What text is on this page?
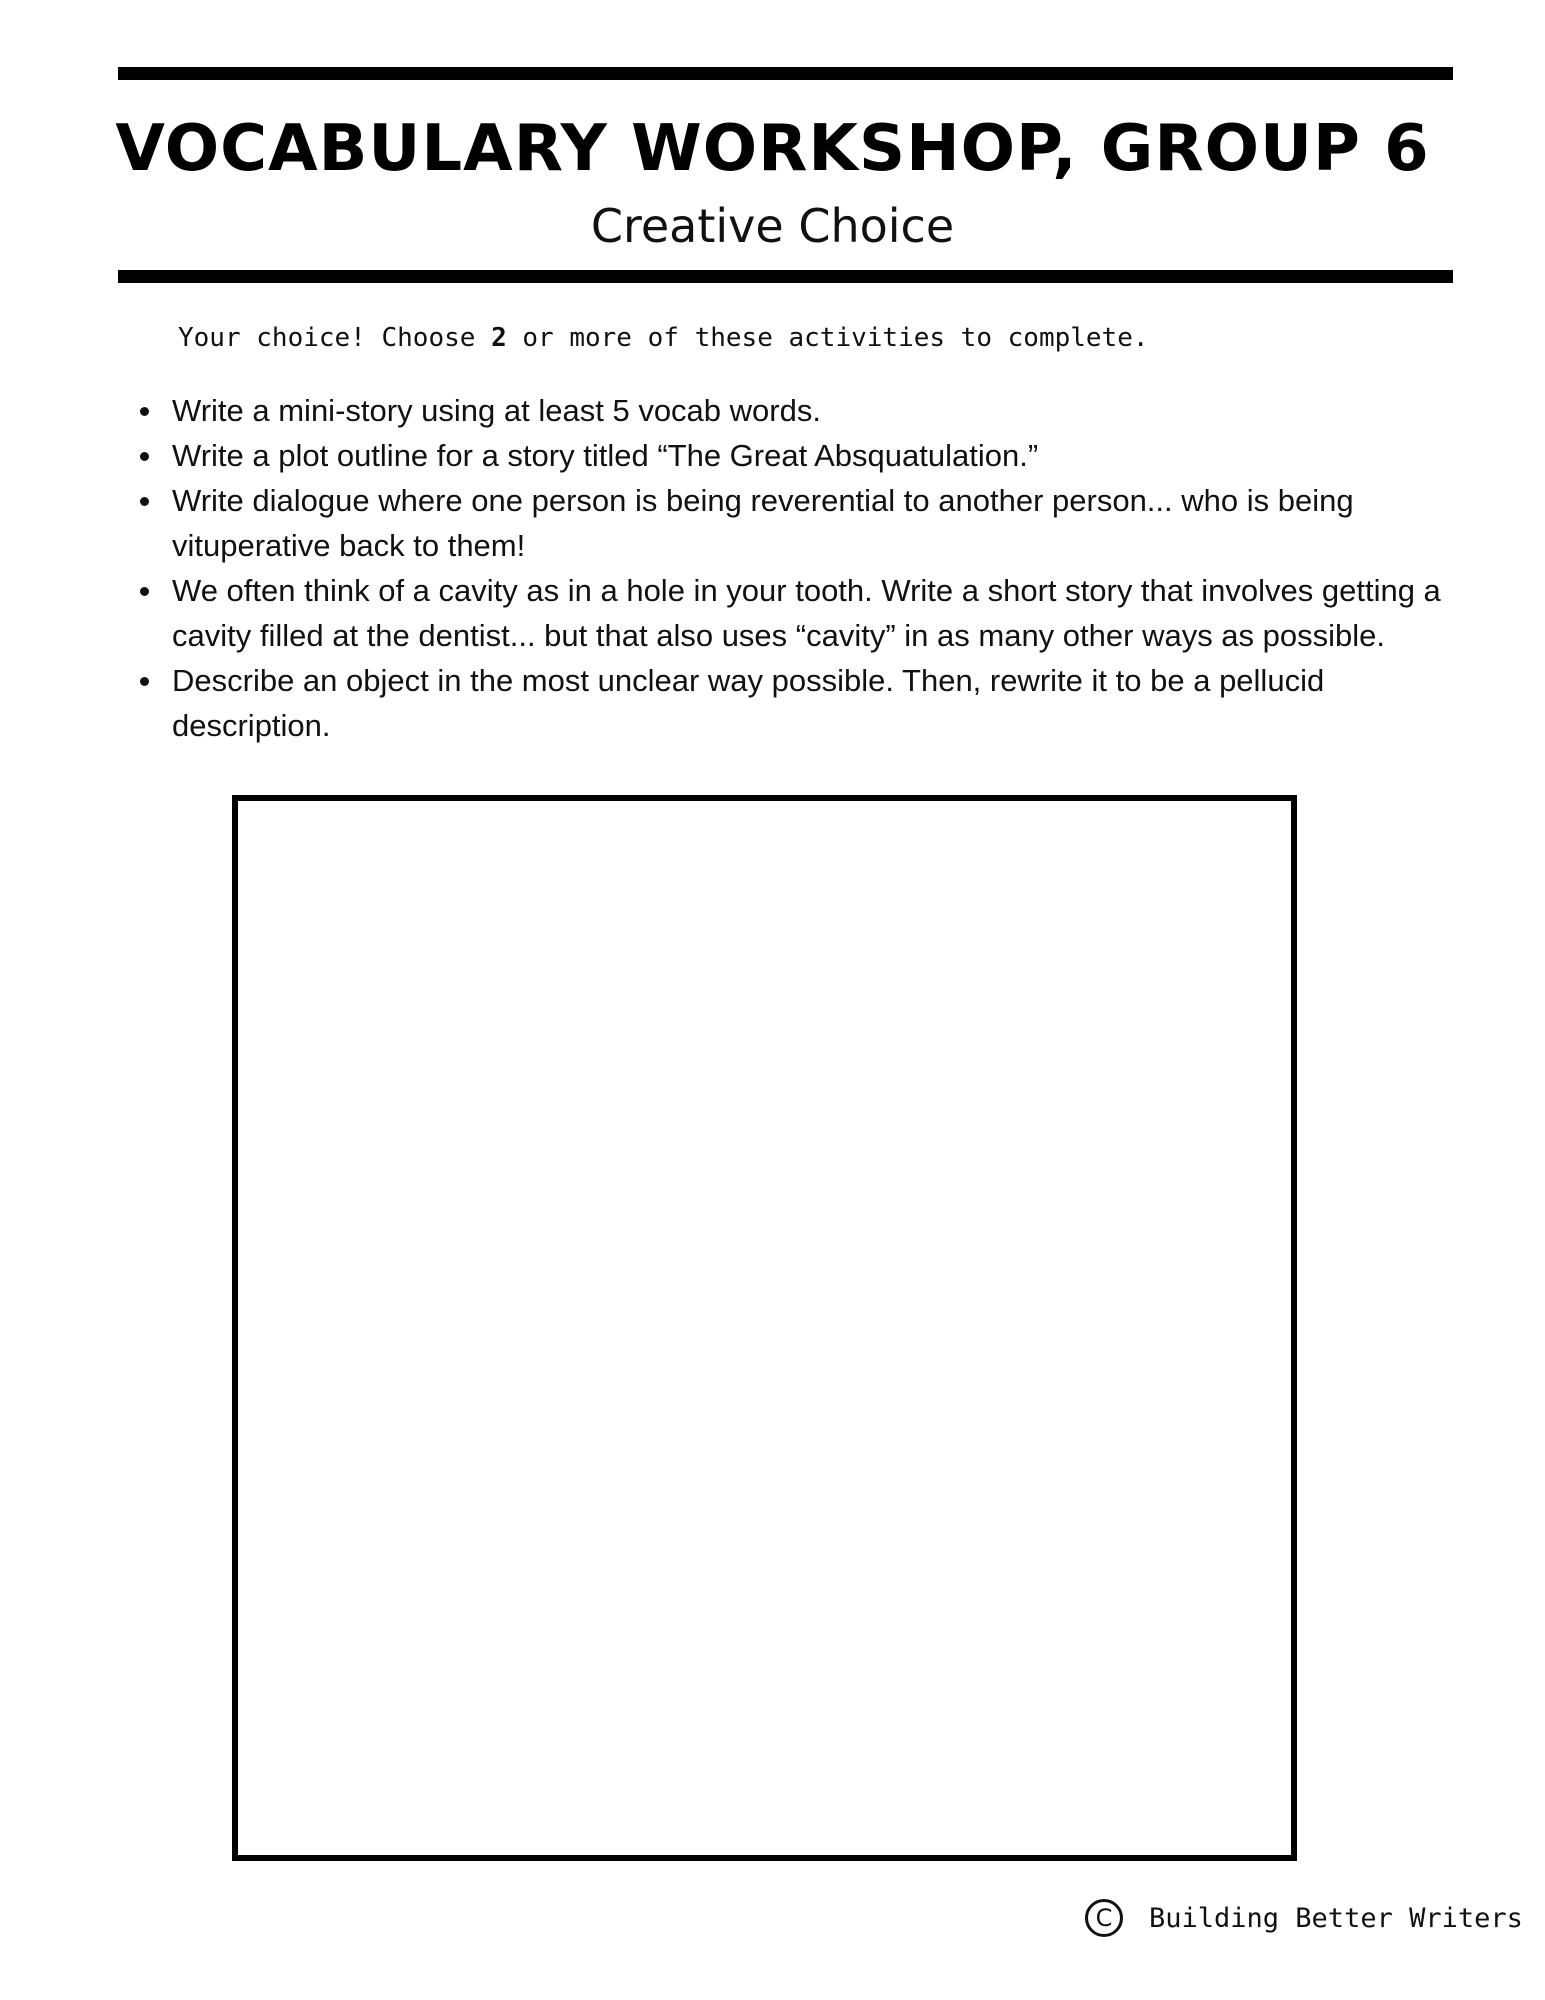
VOCABULARY WORKSHOP, GROUP 6
Creative Choice
Your choice! Choose 2 or more of these activities to complete.
Write a mini-story using at least 5 vocab words.
Write a plot outline for a story titled “The Great Absquatulation.”
Write dialogue where one person is being reverential to another person... who is being vituperative back to them!
We often think of a cavity as in a hole in your tooth. Write a short story that involves getting a cavity filled at the dentist... but that also uses “cavity” in as many other ways as possible.
Describe an object in the most unclear way possible. Then, rewrite it to be a pellucid description.
C	Building Better Writers
